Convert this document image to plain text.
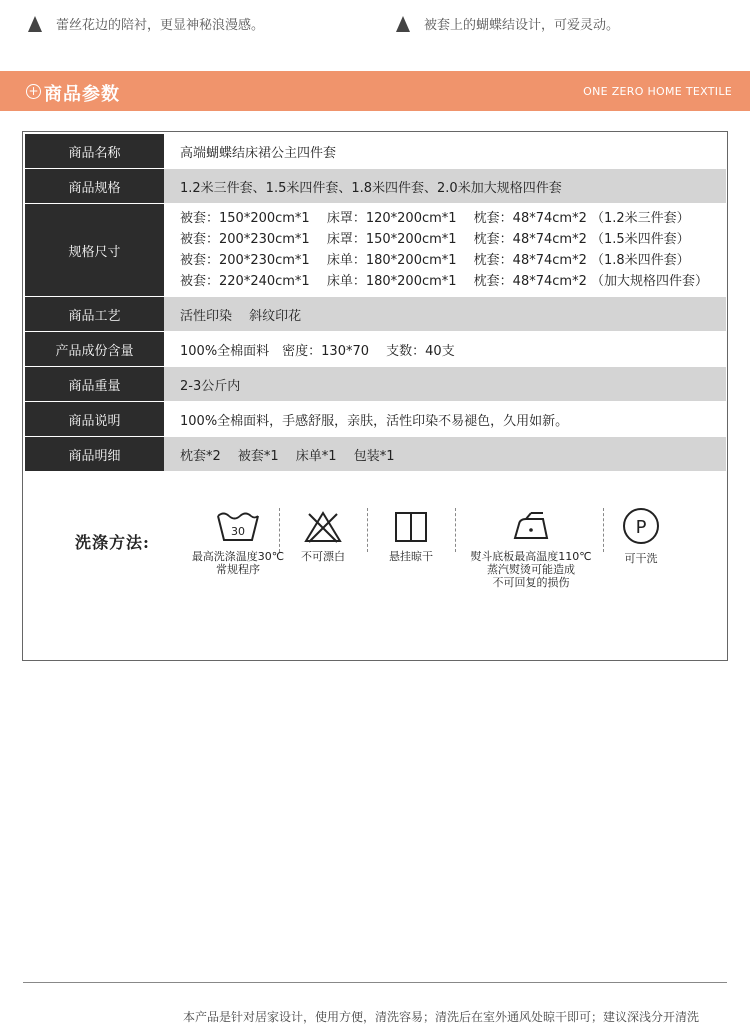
蕾丝花边的陪衬，更显神秘浪漫感。	被套上的蝴蝶结设计，可爱灵动。
+ 商品参数	ONE ZERO HOME TEXTILE
商品名称	高端蝴蝶结床裙公主四件套
商品规格	1.2米三件套、1.5米四件套、1.8米四件套、2.0米加大规格四件套
规格尺寸	被套：150*200cm*1　 床罩：120*200cm*1　 枕套：48*74cm*2 （1.2米三件套）
被套：200*230cm*1　 床罩：150*200cm*1　 枕套：48*74cm*2 （1.5米四件套）
被套：200*230cm*1　 床单：180*200cm*1　 枕套：48*74cm*2 （1.8米四件套）
被套：220*240cm*1　 床单：180*200cm*1　 枕套：48*74cm*2 （加大规格四件套）

商品工艺	活性印染　 斜纹印花
产品成份含量	100%全棉面料　密度：130*70　 支数：40支
商品重量	2-3公斤内
商品说明	100%全棉面料，手感舒服，亲肤，活性印染不易褪色，久用如新。
商品明细	枕套*2　 被套*1　 床单*1　 包装*1
洗涤方法:
30
最高洗涤温度30℃
常规程序
不可漂白	悬挂晾干	熨斗底板最高温度110℃
蒸汽熨烫可能造成
不可回复的损伤
P
可干洗
本产品是针对居家设计，使用方便，清洗容易；清洗后在室外通风处晾干即可；建议深浅分开清洗
